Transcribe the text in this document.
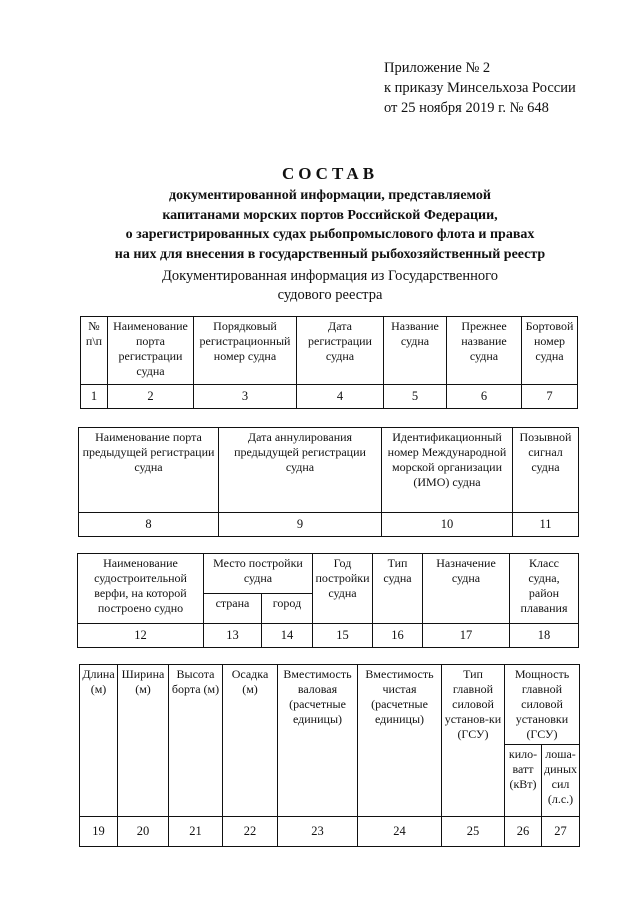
Приложение № 2
к приказу Минсельхоза России
от 25 ноября 2019 г. № 648
СОСТАВ
документированной информации, представляемой
капитанами морских портов Российской Федерации,
о зарегистрированных судах рыбопромыслового флота и правах
на них для внесения в государственный рыбохозяйственный реестр
Документированная информация из Государственного
судового реестра
№ п\п	Наименование порта регистрации судна	Порядковый регистрационный номер судна	Дата регистрации судна	Название судна	Прежнее название судна	Бортовой номер судна
1	2	3	4	5	6	7
Наименование порта предыдущей регистрации судна	Дата аннулирования предыдущей регистрации судна	Идентификационный номер Международной морской организации (ИМО) судна	Позывной сигнал судна
8	9	10	11
Наименование судостроительной верфи, на которой построено судно	Место постройки судна		Год постройки судна	Тип судна	Назначение судна	Класс судна, район плавания
	страна	город				
12	13	14	15	16	17	18
Длина (м)	Ширина (м)	Высота борта (м)	Осадка (м)	Вместимость валовая (расчетные единицы)	Вместимость чистая (расчетные единицы)	Тип главной силовой установ-ки (ГСУ)	Мощность главной силовой установки (ГСУ)	
							кило-ватт (кВт)	лоша-диных сил (л.с.)
19	20	21	22	23	24	25	26	27
